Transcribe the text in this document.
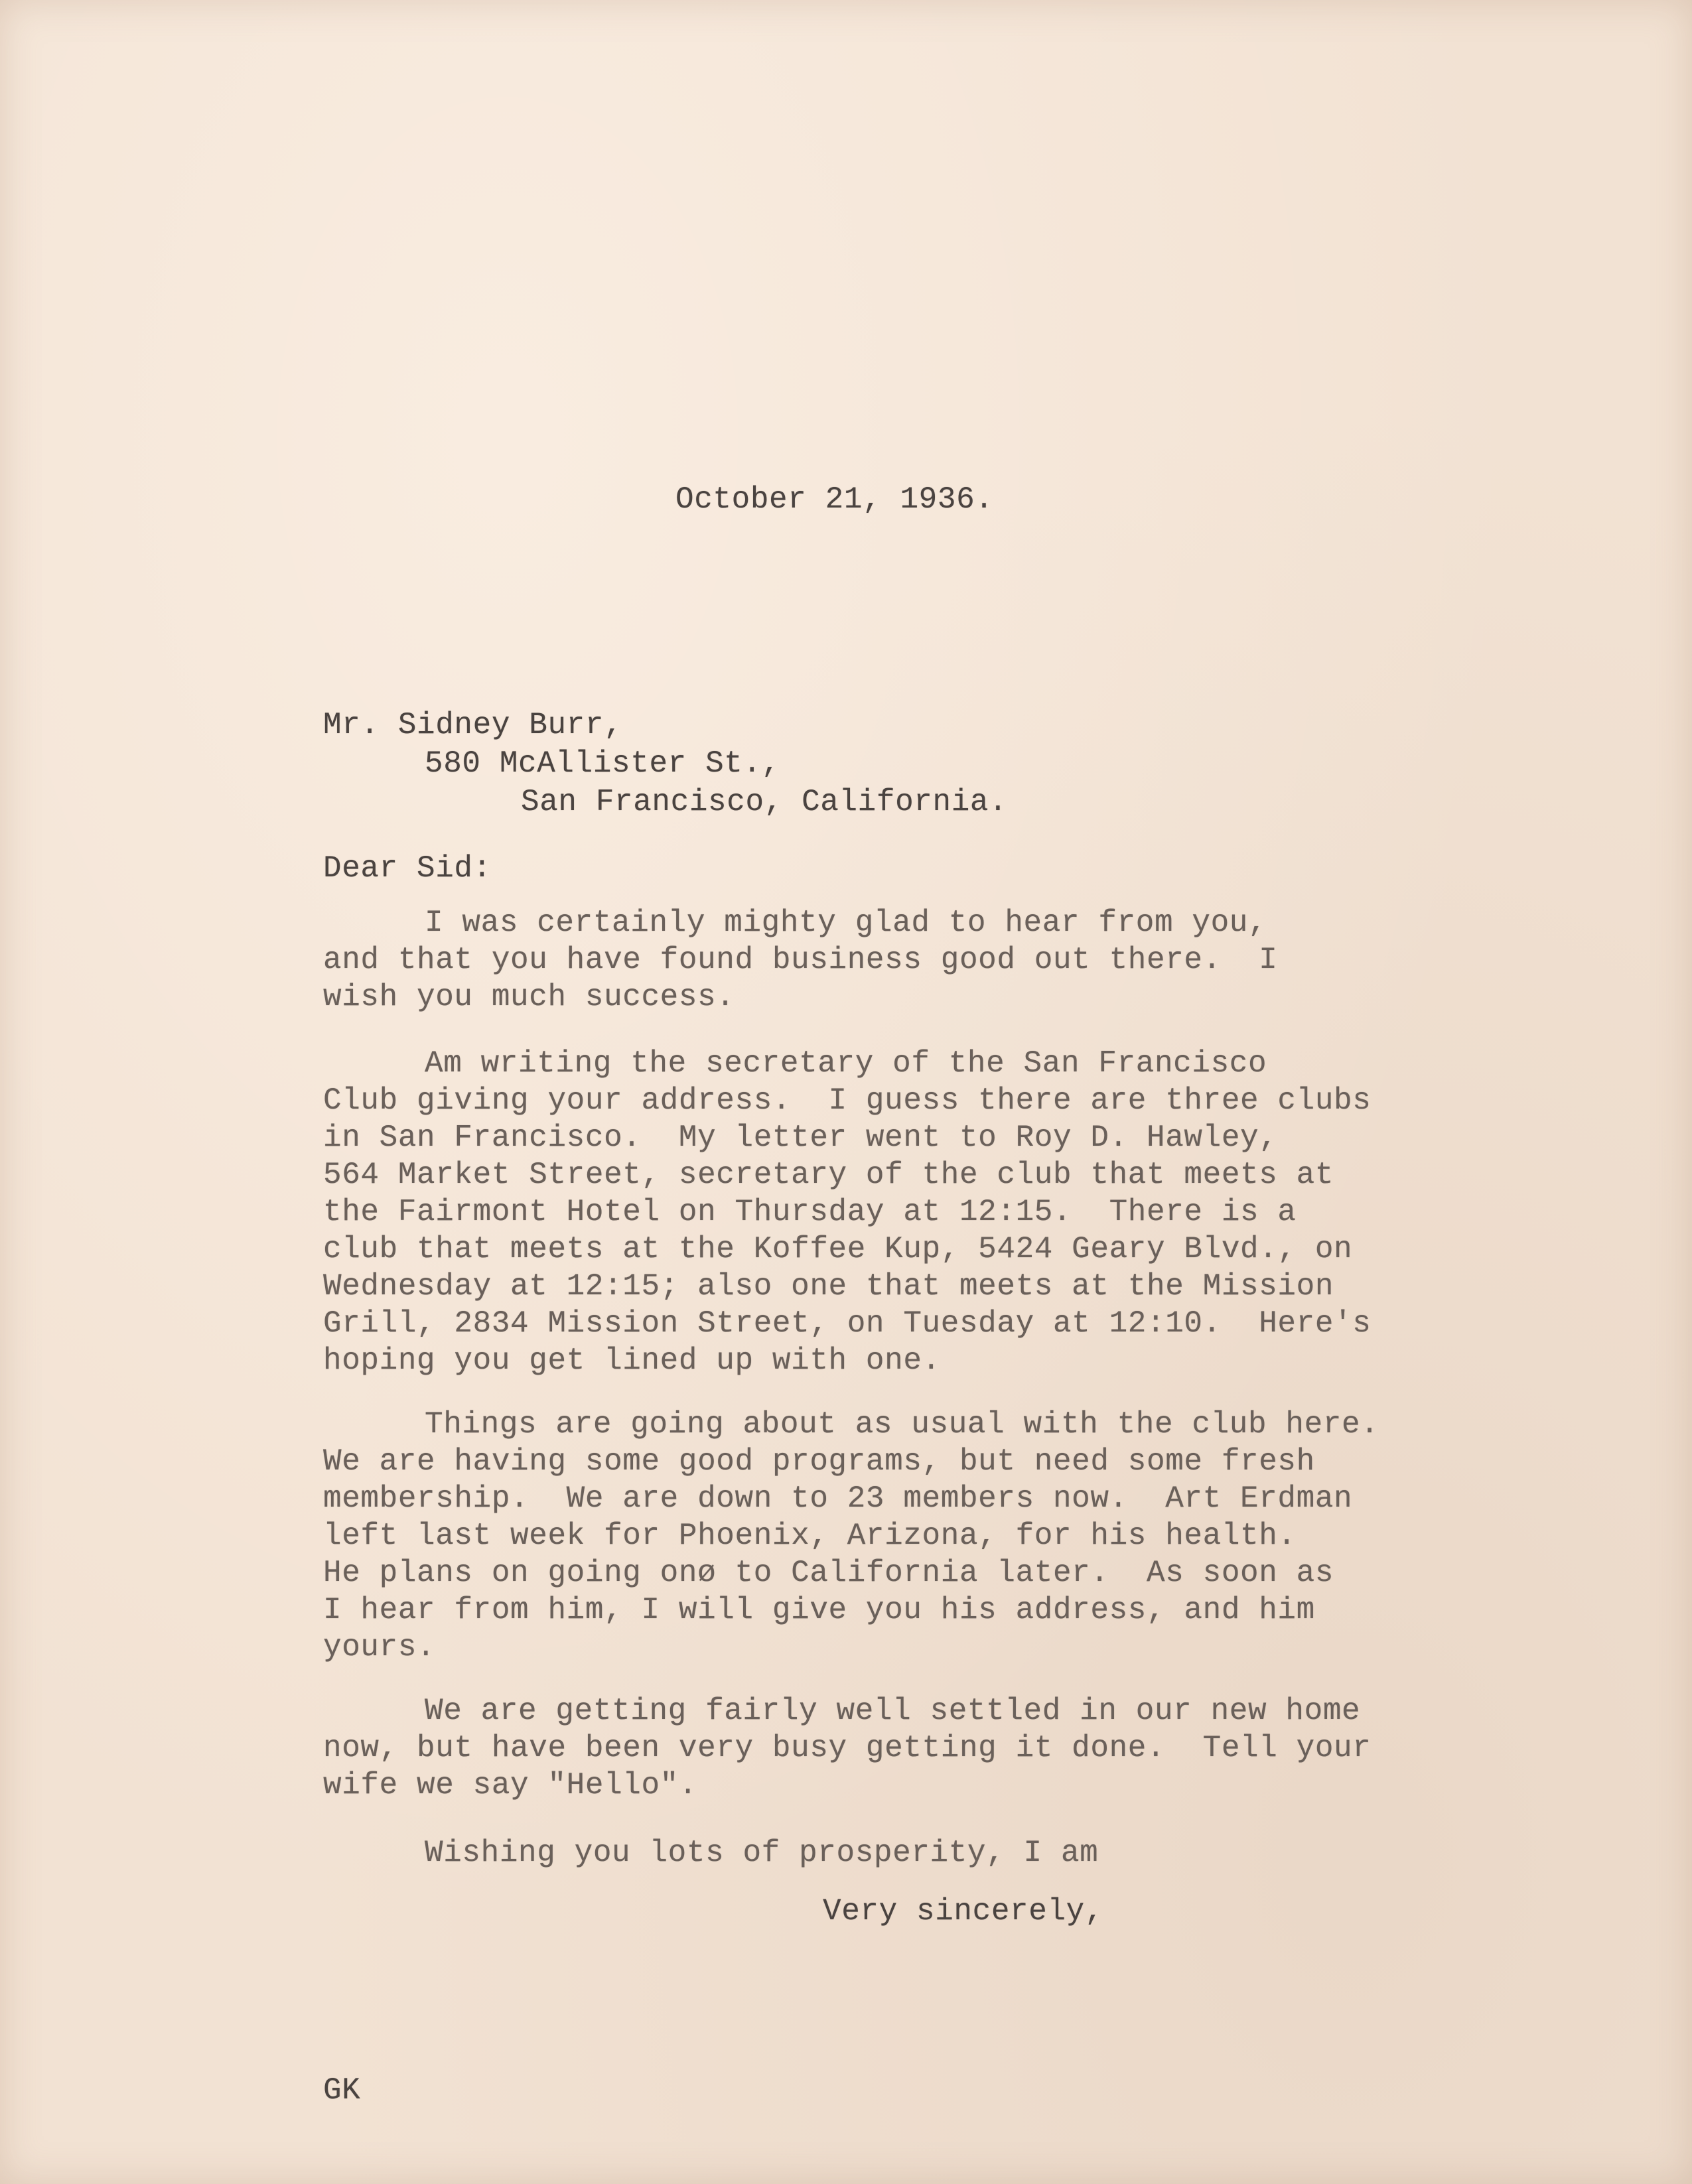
October 21, 1936.
Mr. Sidney Burr,
580 McAllister St.,
San Francisco, California.
Dear Sid:
I was certainly mighty glad to hear from you,
and that you have found business good out there.  I
wish you much success.
Am writing the secretary of the San Francisco
Club giving your address.  I guess there are three clubs
in San Francisco.  My letter went to Roy D. Hawley,
564 Market Street, secretary of the club that meets at
the Fairmont Hotel on Thursday at 12:15.  There is a
club that meets at the Koffee Kup, 5424 Geary Blvd., on
Wednesday at 12:15; also one that meets at the Mission
Grill, 2834 Mission Street, on Tuesday at 12:10.  Here's
hoping you get lined up with one.
Things are going about as usual with the club here.
We are having some good programs, but need some fresh
membership.  We are down to 23 members now.  Art Erdman
left last week for Phoenix, Arizona, for his health.
He plans on going onø to California later.  As soon as
I hear from him, I will give you his address, and him
yours.
We are getting fairly well settled in our new home
now, but have been very busy getting it done.  Tell your
wife we say "Hello".
Wishing you lots of prosperity, I am
Very sincerely,
GK
